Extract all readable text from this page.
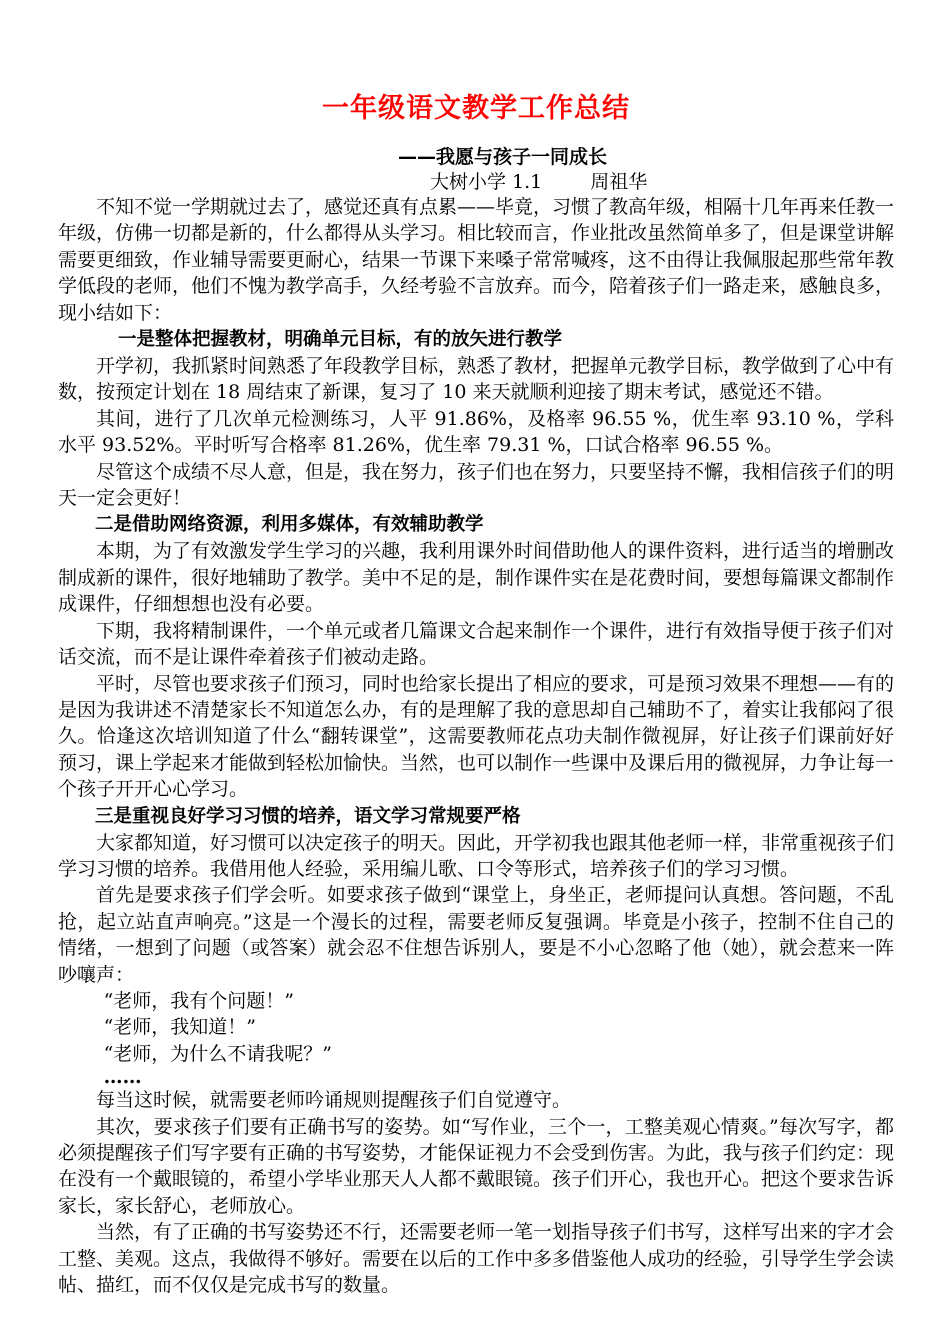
一年级语文教学工作总结

——我愿与孩子一同成长

大树小学 1.1	周祖华

不知不觉一学期就过去了，感觉还真有点累——毕竟，习惯了教高年级，相隔十几年再来任教一年级，仿佛一切都是新的，什么都得从头学习。相比较而言，作业批改虽然简单多了，但是课堂讲解需要更细致，作业辅导需要更耐心，结果一节课下来嗓子常常喊疼，这不由得让我佩服起那些常年教学低段的老师，他们不愧为教学高手，久经考验不言放弃。而今，陪着孩子们一路走来，感触良多，现小结如下：

一是整体把握教材，明确单元目标，有的放矢进行教学

开学初，我抓紧时间熟悉了年段教学目标，熟悉了教材，把握单元教学目标，教学做到了心中有数，按预定计划在 18 周结束了新课，复习了 10 来天就顺利迎接了期末考试，感觉还不错。

其间，进行了几次单元检测练习，人平 91.86%，及格率 96.55 %，优生率 93.10 %，学科水平 93.52%。平时听写合格率 81.26%，优生率 79.31 %，口试合格率 96.55 %。

尽管这个成绩不尽人意，但是，我在努力，孩子们也在努力，只要坚持不懈，我相信孩子们的明天一定会更好！

二是借助网络资源，利用多媒体，有效辅助教学

本期，为了有效激发学生学习的兴趣，我利用课外时间借助他人的课件资料，进行适当的增删改制成新的课件，很好地辅助了教学。美中不足的是，制作课件实在是花费时间，要想每篇课文都制作成课件，仔细想想也没有必要。

下期，我将精制课件，一个单元或者几篇课文合起来制作一个课件，进行有效指导便于孩子们对话交流，而不是让课件牵着孩子们被动走路。

平时，尽管也要求孩子们预习，同时也给家长提出了相应的要求，可是预习效果不理想——有的是因为我讲述不清楚家长不知道怎么办，有的是理解了我的意思却自己辅助不了，着实让我郁闷了很久。恰逢这次培训知道了什么“翻转课堂”，这需要教师花点功夫制作微视屏，好让孩子们课前好好预习，课上学起来才能做到轻松加愉快。当然，也可以制作一些课中及课后用的微视屏，力争让每一个孩子开开心心学习。

三是重视良好学习习惯的培养，语文学习常规要严格

大家都知道，好习惯可以决定孩子的明天。因此，开学初我也跟其他老师一样，非常重视孩子们学习习惯的培养。我借用他人经验，采用编儿歌、口令等形式，培养孩子们的学习习惯。

首先是要求孩子们学会听。如要求孩子做到“课堂上，身坐正，老师提问认真想。答问题，不乱抢，起立站直声响亮。”这是一个漫长的过程，需要老师反复强调。毕竟是小孩子，控制不住自己的情绪，一想到了问题（或答案）就会忍不住想告诉别人，要是不小心忽略了他（她），就会惹来一阵吵嚷声：

“老师，我有个问题！”

“老师，我知道！”

“老师，为什么不请我呢？”

……

每当这时候，就需要老师吟诵规则提醒孩子们自觉遵守。

其次，要求孩子们要有正确书写的姿势。如“写作业，三个一，工整美观心情爽。”每次写字，都必须提醒孩子们写字要有正确的书写姿势，才能保证视力不会受到伤害。为此，我与孩子们约定：现在没有一个戴眼镜的，希望小学毕业那天人人都不戴眼镜。孩子们开心，我也开心。把这个要求告诉家长，家长舒心，老师放心。

当然，有了正确的书写姿势还不行，还需要老师一笔一划指导孩子们书写，这样写出来的字才会工整、美观。这点，我做得不够好。需要在以后的工作中多多借鉴他人成功的经验，引导学生学会读帖、描红，而不仅仅是完成书写的数量。
